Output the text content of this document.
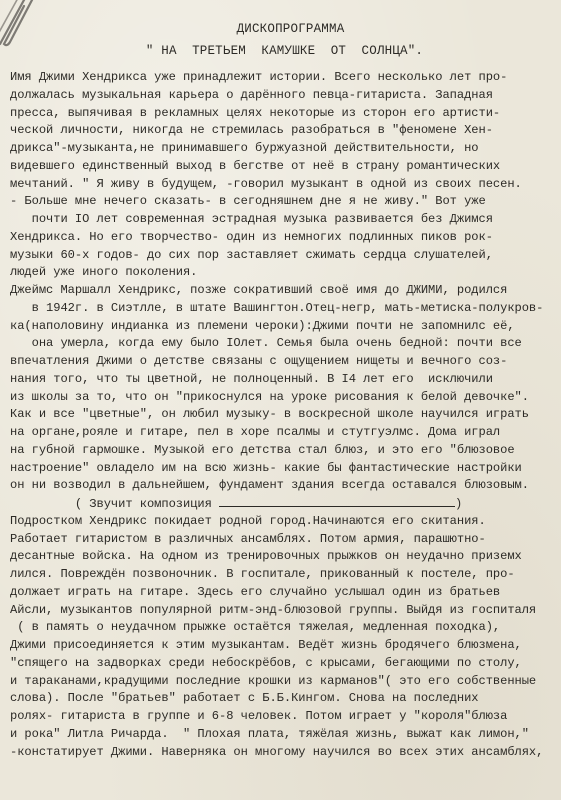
ДИСКОПРОГРАММА
" НА  ТРЕТЬЕМ  КАМУШКЕ  ОТ  СОЛНЦА".
Имя Джими Хендрикса уже принадлежит истории. Всего несколько лет про-
должалась музыкальная карьера о дарённого певца-гитариста. Западная
пресса, выпячивая в рекламных целях некоторые из сторон его артисти-
ческой личности, никогда не стремилась разобраться в "феномене Хен-
дрикса"-музыканта,не принимавшего буржуазной действительности, но
видевшего единственный выход в бегстве от неё в страну романтических
мечтаний. " Я живу в будущем, -говорил музыкант в одной из своих песен.
- Больше мне нечего сказать- в сегодняшнем дне я не живу." Вот уже
почти IO лет современная эстрадная музыка развивается без Джимся
Хендрикса. Но его творчество- один из немногих подлинных пиков рок-
музыки 60-х годов- до сих пор заставляет сжимать сердца слушателей,
людей уже иного поколения.
Джеймс Маршалл Хендрикс, позже сокративший своё имя до ДЖИМИ, родился
в 1942г. в Сиэтлле, в штате Вашингтон.Отец-негр, мать-метиска-полукров-
ка(наполовину индианка из племени чероки):Джими почти не запомнилс её,
она умерла, когда ему было IOлет. Семья была очень бедной: почти все
впечатления Джими о детстве связаны с ощущением нищеты и вечного соз-
нания того, что ты цветной, не полноценный. В I4 лет его  исключили
из школы за то, что он "прикоснулся на уроке рисования к белой девочке".
Как и все "цветные", он любил музыку- в воскресной школе научился играть
на органе,рояле и гитаре, пел в хоре псалмы и стутгуэлмс. Дома играл
на губной гармошке. Музыкой его детства стал блюз, и это его "блюзовое
настроение" овладело им на всю жизнь- какие бы фантастические настройки
он ни возводил в дальнейшем, фундамент здания всегда оставался блюзовым.
( Звучит композиция	)
Подростком Хендрикс покидает родной город.Начинаются его скитания.
Работает гитаристом в различных ансамблях. Потом армия, парашютно-
десантные войска. На одном из тренировочных прыжков он неудачно приземх
лился. Повреждён позвоночник. В госпитале, прикованный к постеле, про-
должает играть на гитаре. Здесь его случайно услышал один из братьев
Айсли, музыкантов популярной ритм-энд-блюзовой группы. Выйдя из госпиталя
( в память о неудачном прыжке остаётся тяжелая, медленная походка),
Джими присоединяется к этим музыкантам. Ведёт жизнь бродячего блюзмена,
"спящего на задворках среди небоскрёбов, с крысами, бегающими по столу,
и тараканами,крадущими последние крошки из карманов"( это его собственные
слова). После "братьев" работает с Б.Б.Кингом. Снова на последних
ролях- гитариста в группе и 6-8 человек. Потом играет у "короля"блюза
и рока" Литла Ричарда.  " Плохая плата, тяжёлая жизнь, выжат как лимон,"
-констатирует Джими. Наверняка он многому научился во всех этих ансамблях,
